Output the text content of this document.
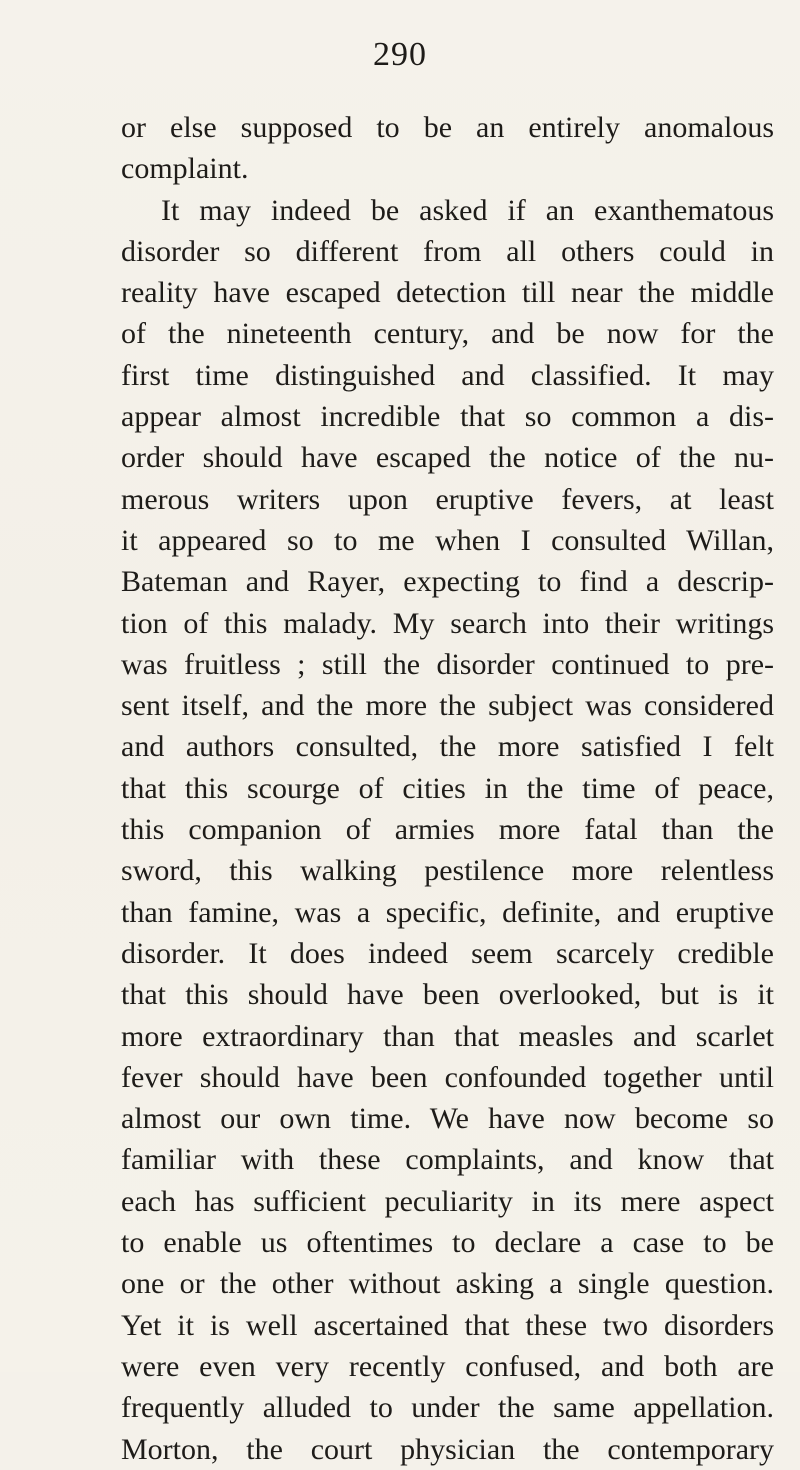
290
or else supposed to be an entirely anomalous
complaint.
It may indeed be asked if an exanthematous
disorder so different from all others could in
reality have escaped detection till near the middle
of the nineteenth century, and be now for the
first time distinguished and classified. It may
appear almost incredible that so common a dis-
order should have escaped the notice of the nu-
merous writers upon eruptive fevers, at least
it appeared so to me when I consulted Willan,
Bateman and Rayer, expecting to find a descrip-
tion of this malady. My search into their writings
was fruitless ; still the disorder continued to pre-
sent itself, and the more the subject was considered
and authors consulted, the more satisfied I felt
that this scourge of cities in the time of peace,
this companion of armies more fatal than the
sword, this walking pestilence more relentless
than famine, was a specific, definite, and eruptive
disorder. It does indeed seem scarcely credible
that this should have been overlooked, but is it
more extraordinary than that measles and scarlet
fever should have been confounded together until
almost our own time. We have now become so
familiar with these complaints, and know that
each has sufficient peculiarity in its mere aspect
to enable us oftentimes to declare a case to be
one or the other without asking a single question.
Yet it is well ascertained that these two disorders
were even very recently confused, and both are
frequently alluded to under the same appellation.
Morton, the court physician the contemporary
